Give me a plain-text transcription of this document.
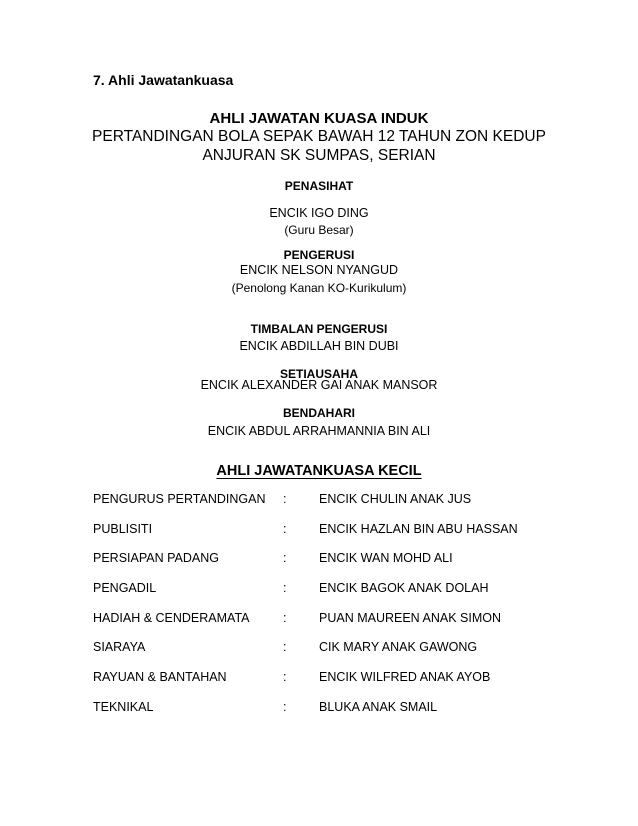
7. Ahli Jawatankuasa
AHLI JAWATAN KUASA INDUK
PERTANDINGAN BOLA SEPAK BAWAH 12 TAHUN ZON KEDUP
ANJURAN SK SUMPAS, SERIAN
PENASIHAT
ENCIK IGO DING
(Guru Besar)
PENGERUSI
ENCIK NELSON NYANGUD
(Penolong Kanan KO-Kurikulum)
TIMBALAN PENGERUSI
ENCIK ABDILLAH BIN DUBI
SETIAUSAHA
ENCIK ALEXANDER GAI ANAK MANSOR
BENDAHARI
ENCIK ABDUL ARRAHMANNIA BIN ALI
AHLI JAWATANKUASA KECIL
PENGURUS PERTANDINGAN :	ENCIK CHULIN ANAK JUS
PUBLISITI	:	ENCIK HAZLAN BIN ABU HASSAN
PERSIAPAN PADANG	:	ENCIK WAN MOHD ALI
PENGADIL	:	ENCIK BAGOK ANAK DOLAH
HADIAH & CENDERAMATA	:	PUAN MAUREEN ANAK SIMON
SIARAYA	:	CIK MARY ANAK GAWONG
RAYUAN & BANTAHAN	:	ENCIK WILFRED ANAK AYOB
TEKNIKAL	:	BLUKA ANAK SMAIL
